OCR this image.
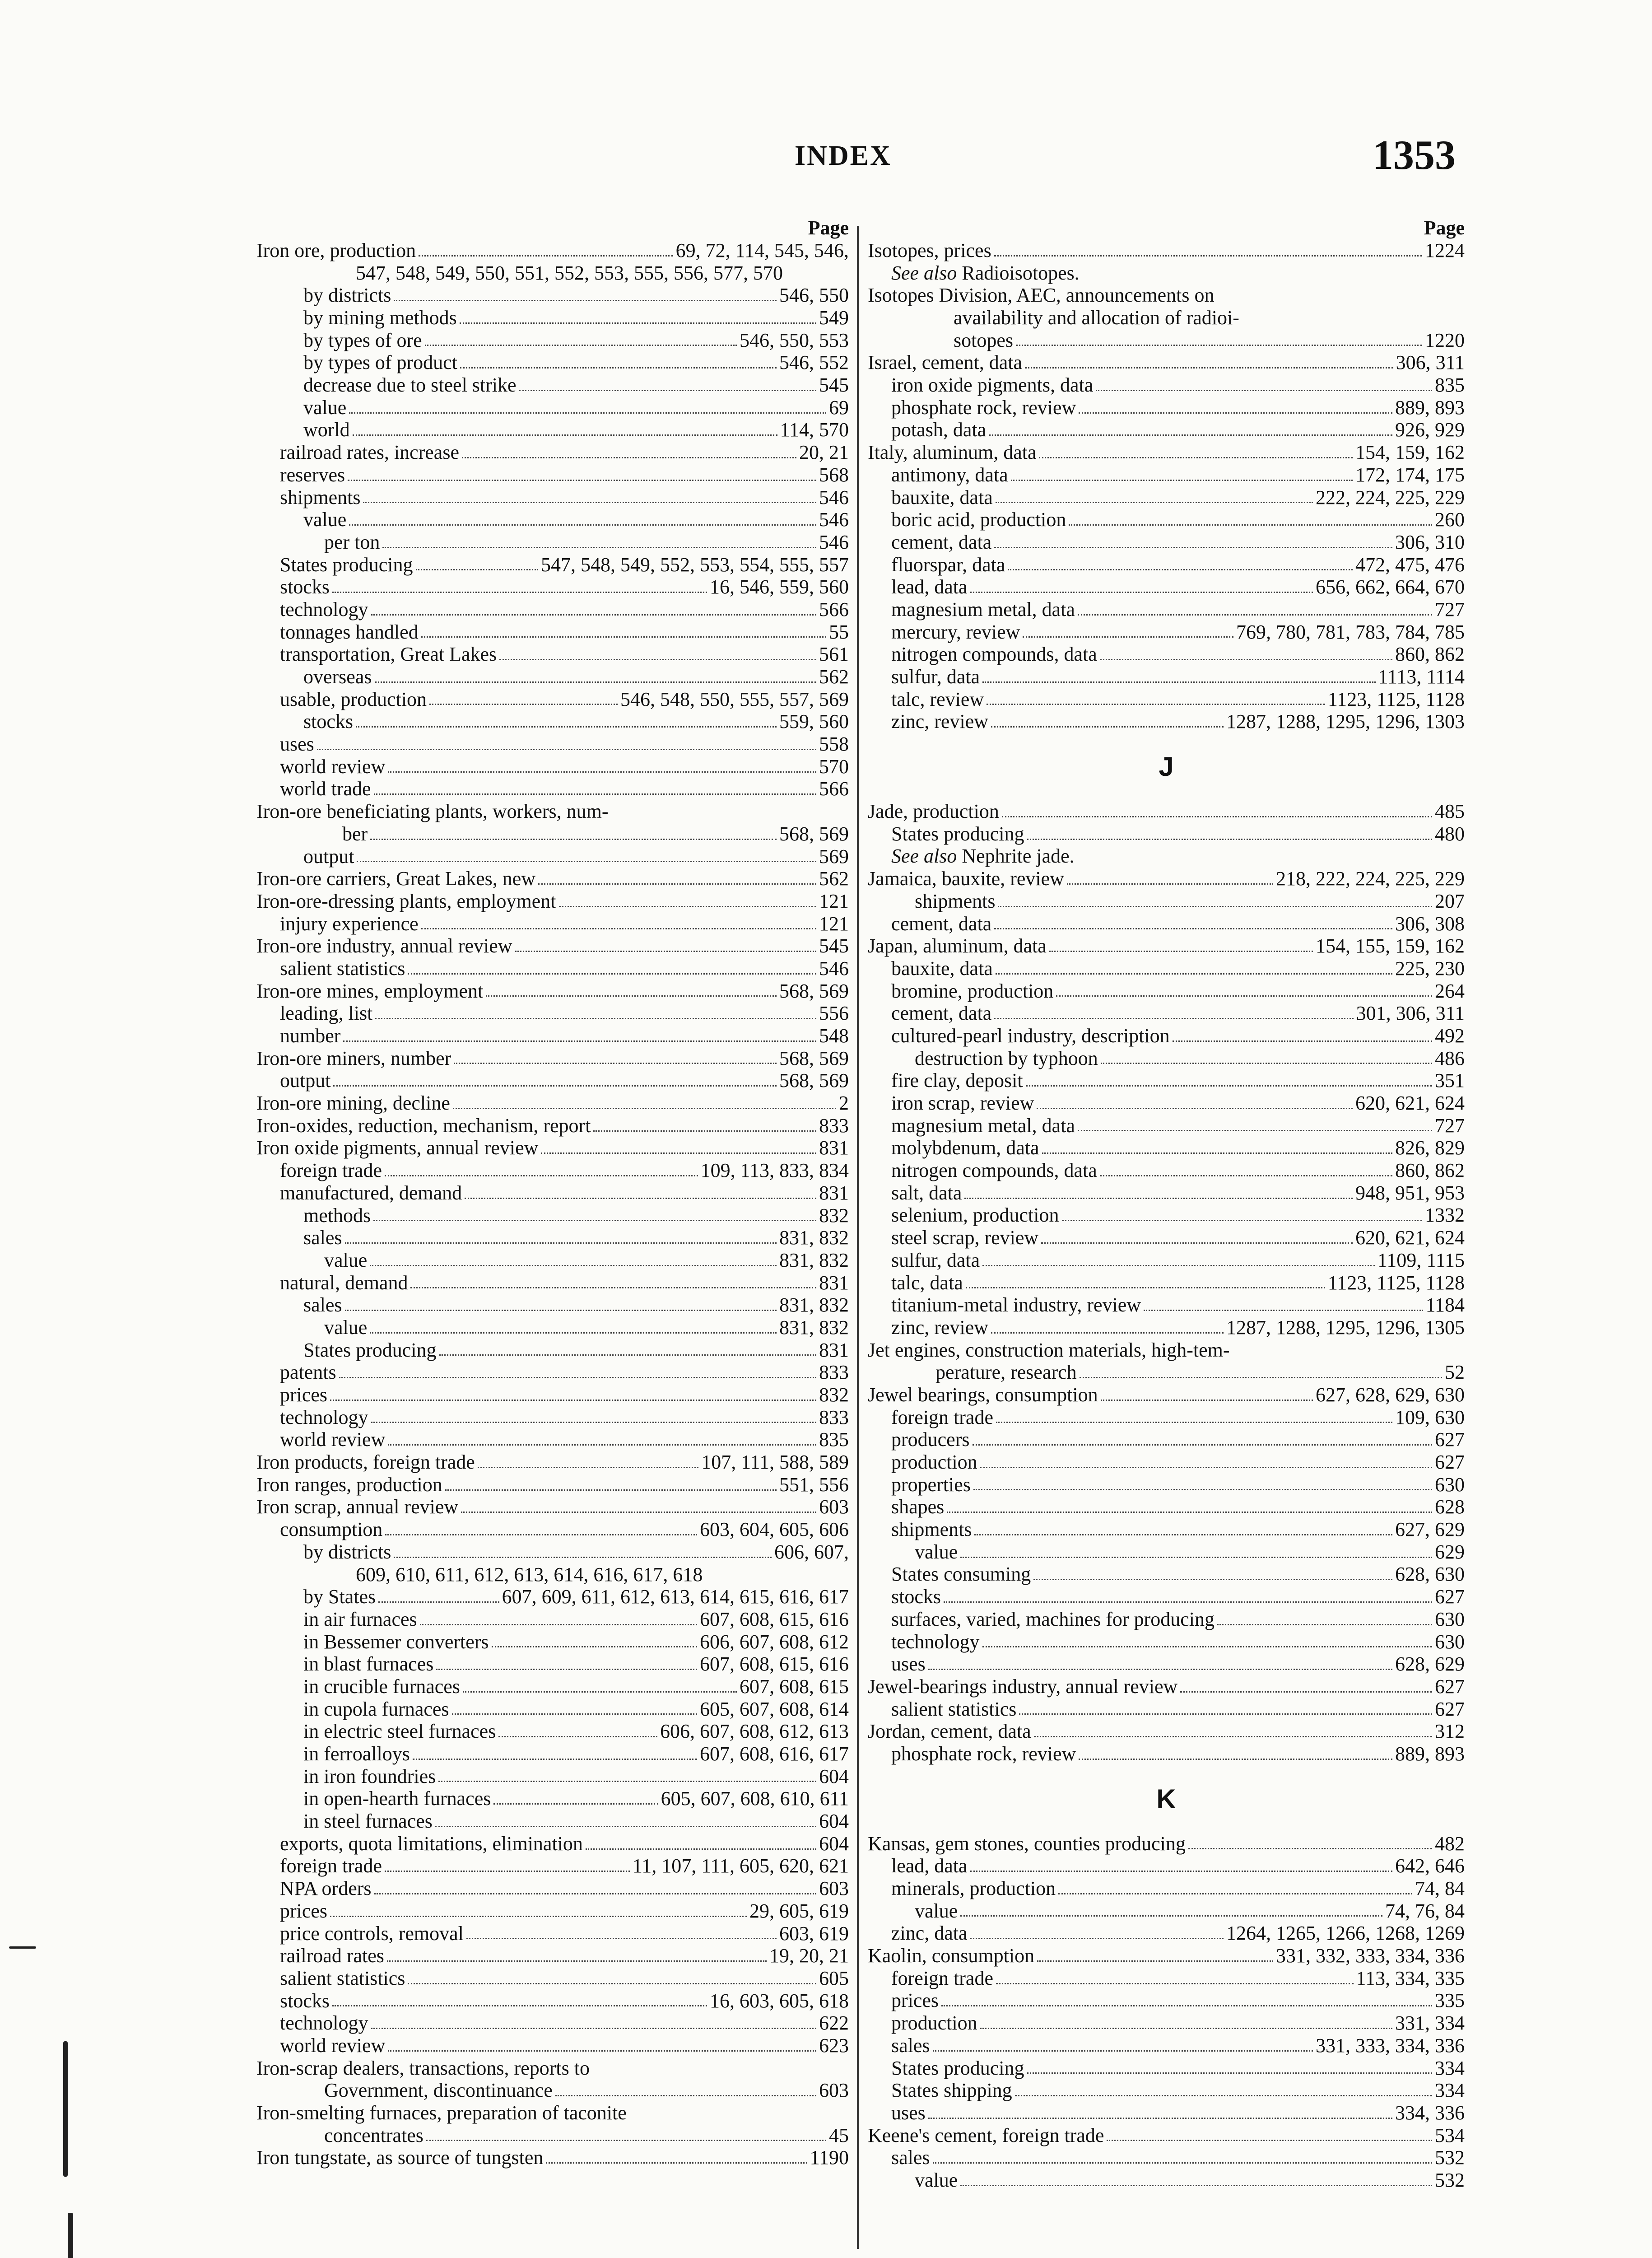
INDEX	1353
Page
Iron ore, production	69, 72, 114, 545, 546,
547, 548, 549, 550, 551, 552, 553, 555, 556, 577, 570
by districts	546, 550
by mining methods	549
by types of ore	546, 550, 553
by types of product	546, 552
decrease due to steel strike	545
value	69
world	114, 570
railroad rates, increase	20, 21
reserves	568
shipments	546
value	546
per ton	546
States producing	547, 548, 549, 552, 553, 554, 555, 557
stocks	16, 546, 559, 560
technology	566
tonnages handled	55
transportation, Great Lakes	561
overseas	562
usable, production	546, 548, 550, 555, 557, 569
stocks	559, 560
uses	558
world review	570
world trade	566
Iron-ore beneficiating plants, workers, num-
ber	568, 569
output	569
Iron-ore carriers, Great Lakes, new	562
Iron-ore-dressing plants, employment	121
injury experience	121
Iron-ore industry, annual review	545
salient statistics	546
Iron-ore mines, employment	568, 569
leading, list	556
number	548
Iron-ore miners, number	568, 569
output	568, 569
Iron-ore mining, decline	2
Iron-oxides, reduction, mechanism, report	833
Iron oxide pigments, annual review	831
foreign trade	109, 113, 833, 834
manufactured, demand	831
methods	832
sales	831, 832
value	831, 832
natural, demand	831
sales	831, 832
value	831, 832
States producing	831
patents	833
prices	832
technology	833
world review	835
Iron products, foreign trade	107, 111, 588, 589
Iron ranges, production	551, 556
Iron scrap, annual review	603
consumption	603, 604, 605, 606
by districts	606, 607,
609, 610, 611, 612, 613, 614, 616, 617, 618
by States	607, 609, 611, 612, 613, 614, 615, 616, 617
in air furnaces	607, 608, 615, 616
in Bessemer converters	606, 607, 608, 612
in blast furnaces	607, 608, 615, 616
in crucible furnaces	607, 608, 615
in cupola furnaces	605, 607, 608, 614
in electric steel furnaces	606, 607, 608, 612, 613
in ferroalloys	607, 608, 616, 617
in iron foundries	604
in open-hearth furnaces	605, 607, 608, 610, 611
in steel furnaces	604
exports, quota limitations, elimination	604
foreign trade	11, 107, 111, 605, 620, 621
NPA orders	603
prices	29, 605, 619
price controls, removal	603, 619
railroad rates	19, 20, 21
salient statistics	605
stocks	16, 603, 605, 618
technology	622
world review	623
Iron-scrap dealers, transactions, reports to
Government, discontinuance	603
Iron-smelting furnaces, preparation of taconite
concentrates	45
Iron tungstate, as source of tungsten	1190
Page
Isotopes, prices	1224
See also Radioisotopes.
Isotopes Division, AEC, announcements on
availability and allocation of radioi-
sotopes	1220
Israel, cement, data	306, 311
iron oxide pigments, data	835
phosphate rock, review	889, 893
potash, data	926, 929
Italy, aluminum, data	154, 159, 162
antimony, data	172, 174, 175
bauxite, data	222, 224, 225, 229
boric acid, production	260
cement, data	306, 310
fluorspar, data	472, 475, 476
lead, data	656, 662, 664, 670
magnesium metal, data	727
mercury, review	769, 780, 781, 783, 784, 785
nitrogen compounds, data	860, 862
sulfur, data	1113, 1114
talc, review	1123, 1125, 1128
zinc, review	1287, 1288, 1295, 1296, 1303
J
Jade, production	485
States producing	480
See also Nephrite jade.
Jamaica, bauxite, review	218, 222, 224, 225, 229
shipments	207
cement, data	306, 308
Japan, aluminum, data	154, 155, 159, 162
bauxite, data	225, 230
bromine, production	264
cement, data	301, 306, 311
cultured-pearl industry, description	492
destruction by typhoon	486
fire clay, deposit	351
iron scrap, review	620, 621, 624
magnesium metal, data	727
molybdenum, data	826, 829
nitrogen compounds, data	860, 862
salt, data	948, 951, 953
selenium, production	1332
steel scrap, review	620, 621, 624
sulfur, data	1109, 1115
talc, data	1123, 1125, 1128
titanium-metal industry, review	1184
zinc, review	1287, 1288, 1295, 1296, 1305
Jet engines, construction materials, high-tem-
perature, research	52
Jewel bearings, consumption	627, 628, 629, 630
foreign trade	109, 630
producers	627
production	627
properties	630
shapes	628
shipments	627, 629
value	629
States consuming	628, 630
stocks	627
surfaces, varied, machines for producing	630
technology	630
uses	628, 629
Jewel-bearings industry, annual review	627
salient statistics	627
Jordan, cement, data	312
phosphate rock, review	889, 893
K
Kansas, gem stones, counties producing	482
lead, data	642, 646
minerals, production	74, 84
value	74, 76, 84
zinc, data	1264, 1265, 1266, 1268, 1269
Kaolin, consumption	331, 332, 333, 334, 336
foreign trade	113, 334, 335
prices	335
production	331, 334
sales	331, 333, 334, 336
States producing	334
States shipping	334
uses	334, 336
Keene's cement, foreign trade	534
sales	532
value	532
